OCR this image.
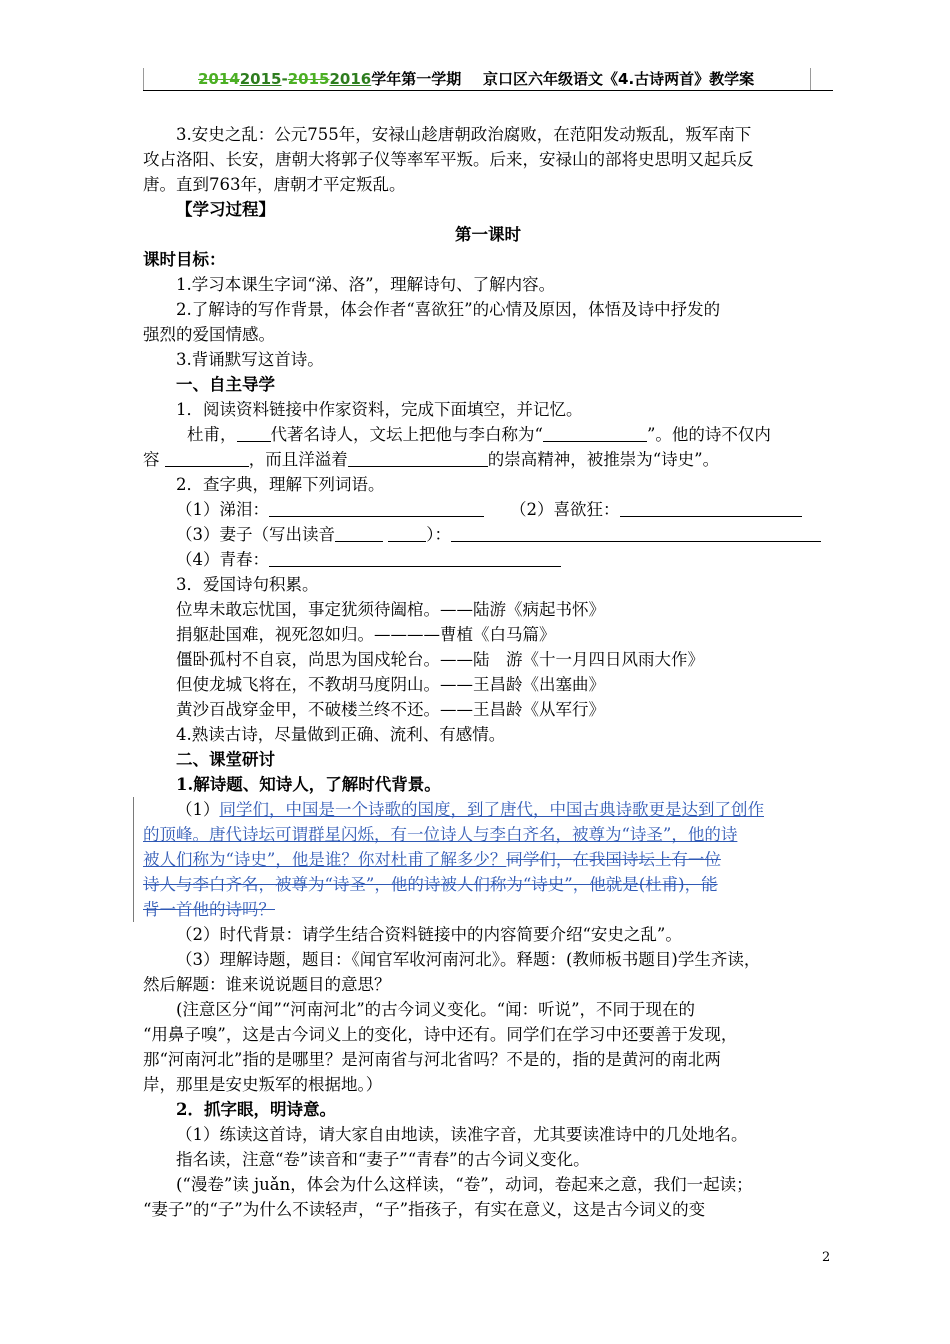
20142015-20152016学年第一学期 京口区六年级语文《4.古诗两首》教学案

3.安史之乱：公元755年，安禄山趁唐朝政治腐败，在范阳发动叛乱，叛军南下

攻占洛阳、长安，唐朝大将郭子仪等率军平叛。后来，安禄山的部将史思明又起兵反

唐。直到763年，唐朝才平定叛乱。

【学习过程】

第一课时

课时目标：

1.学习本课生字词“涕、洛”，理解诗句、了解内容。

2.了解诗的写作背景，体会作者“喜欲狂”的心情及原因，体悟及诗中抒发的

强烈的爱国情感。

3.背诵默写这首诗。

一、自主导学

1．阅读资料链接中作家资料，完成下面填空，并记忆。

杜甫， 代著名诗人，文坛上把他与李白称为“	”。他的诗不仅内

容	，而且洋溢着	的崇高精神，被推崇为“诗史”。

2．查字典，理解下列词语。

（1）涕泪：	（2）喜欲狂：

（3）妻子（写出读音	）：

（4）青春：

3．爱国诗句积累。

位卑未敢忘忧国，事定犹须待阖棺。——陆游《病起书怀》

捐躯赴国难，视死忽如归。————曹植《白马篇》

僵卧孤村不自哀，尚思为国戍轮台。——陆　游《十一月四日风雨大作》

但使龙城飞将在，不教胡马度阴山。——王昌龄《出塞曲》

黄沙百战穿金甲，不破楼兰终不还。——王昌龄《从军行》

4.熟读古诗，尽量做到正确、流利、有感情。

二、课堂研讨

1.解诗题、知诗人，了解时代背景。

（1）同学们，中国是一个诗歌的国度，到了唐代，中国古典诗歌更是达到了创作

的顶峰。唐代诗坛可谓群星闪烁，有一位诗人与李白齐名，被尊为“诗圣”，他的诗

被人们称为“诗史”，他是谁？你对杜甫了解多少？同学们，在我国诗坛上有一位

诗人与李白齐名，被尊为“诗圣”，他的诗被人们称为“诗史”，他就是(杜甫)，能

背一首他的诗吗？

（2）时代背景：请学生结合资料链接中的内容简要介绍“安史之乱”。

（3）理解诗题，题目：《闻官军收河南河北》。释题：(教师板书题目)学生齐读，

然后解题：谁来说说题目的意思？

(注意区分“闻”“河南河北”的古今词义变化。“闻：听说”，不同于现在的

“用鼻子嗅”，这是古今词义上的变化，诗中还有。同学们在学习中还要善于发现，

那“河南河北”指的是哪里？是河南省与河北省吗？不是的，指的是黄河的南北两

岸，那里是安史叛军的根据地。）

2．抓字眼，明诗意。

（1）练读这首诗，请大家自由地读，读准字音，尤其要读准诗中的几处地名。

指名读，注意“卷”读音和“妻子”“青春”的古今词义变化。

(“漫卷”读 juǎn，体会为什么这样读，“卷”，动词，卷起来之意，我们一起读；

“妻子”的“子”为什么不读轻声，“子”指孩子，有实在意义，这是古今词义的变

2
